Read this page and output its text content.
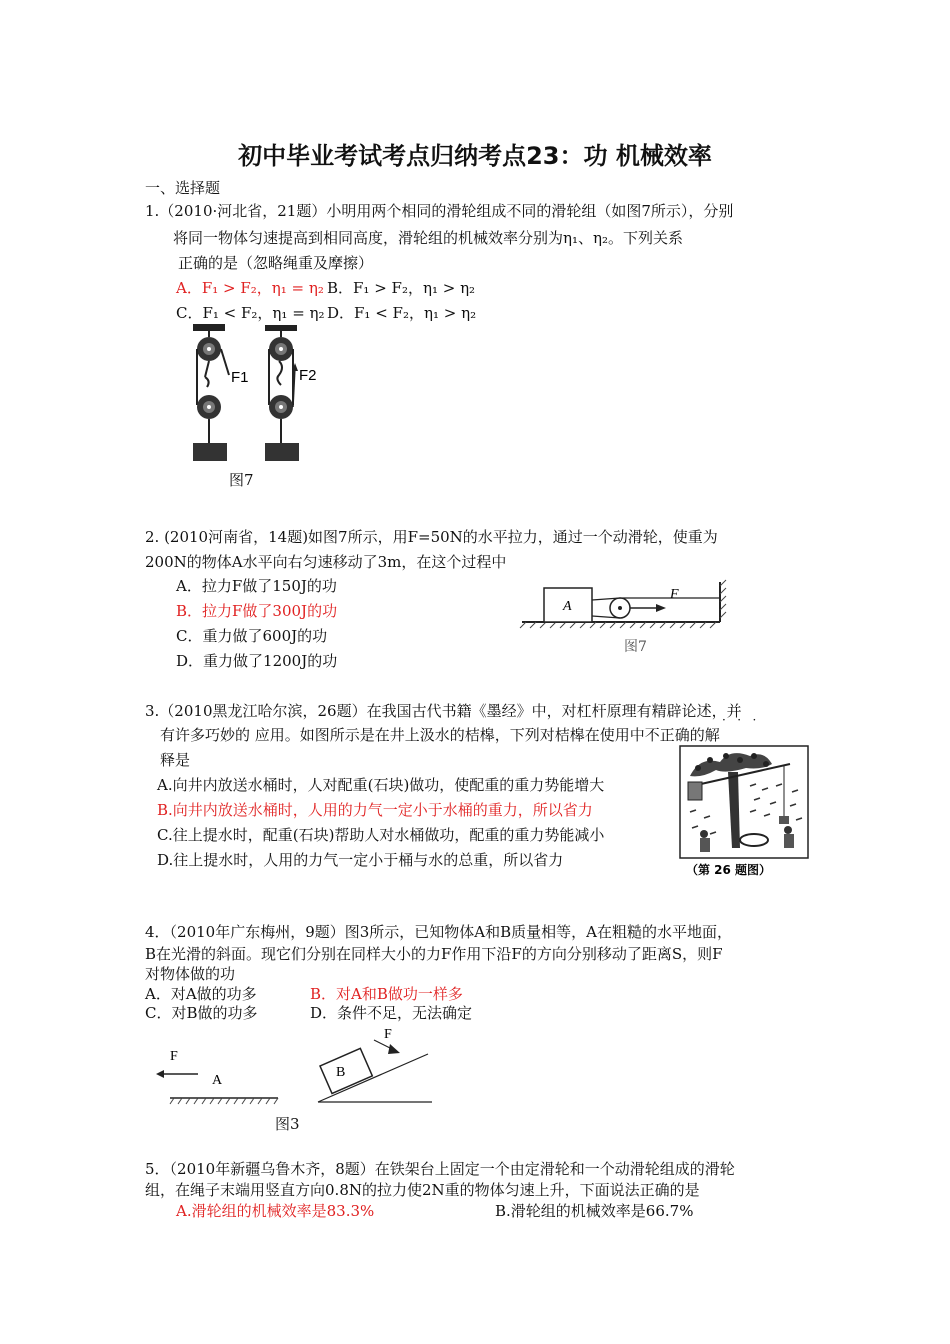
初中毕业考试考点归纳考点23：功 机械效率
一、选择题
1.（2010·河北省，21题）小明用两个相同的滑轮组成不同的滑轮组（如图7所示），分别
将同一物体匀速提高到相同高度，滑轮组的机械效率分别为η₁、η₂。下列关系
正确的是（忽略绳重及摩擦）
A．F₁ > F₂，η₁ = η₂ B．F₁ > F₂，η₁ > η₂
C．F₁ < F₂，η₁ = η₂ D．F₁ < F₂，η₁ > η₂
F1	F2
图7
2. (2010河南省，14题)如图7所示，用F=50N的水平拉力，通过一个动滑轮，使重为
200N的物体A水平向右匀速移动了3m，在这个过程中
A．拉力F做了150J的功
B．拉力F做了300J的功
C．重力做了600J的功
D．重力做了1200J的功
A
F
图7
3.（2010黑龙江哈尔滨，26题）在我国古代书籍《墨经》中，对杠杆原理有精辟论述，并
有许多巧妙的 应用。如图所示是在井上汲水的桔槔，下列对桔槔在使用中不正确的解
·   ·   ·
释是
A.向井内放送水桶时，人对配重(石块)做功，使配重的重力势能增大
B.向井内放送水桶时，人用的力气一定小于水桶的重力，所以省力
C.往上提水时，配重(石块)帮助人对水桶做功，配重的重力势能减小
D.往上提水时，人用的力气一定小于桶与水的总重，所以省力
（第 26 题图）
4．（2010年广东梅州，9题）图3所示，已知物体A和B质量相等，A在粗糙的水平地面，
B在光滑的斜面。现它们分别在同样大小的力F作用下沿F的方向分别移动了距离S，则F
对物体做的功
A．对A做的功多	B．对A和B做功一样多
C．对B做的功多	D．条件不足，无法确定
F
A
B
F
图3
5．（2010年新疆乌鲁木齐，8题）在铁架台上固定一个由定滑轮和一个动滑轮组成的滑轮
组，在绳子末端用竖直方向0.8N的拉力使2N重的物体匀速上升，下面说法正确的是
A.滑轮组的机械效率是83.3%	B.滑轮组的机械效率是66.7%
